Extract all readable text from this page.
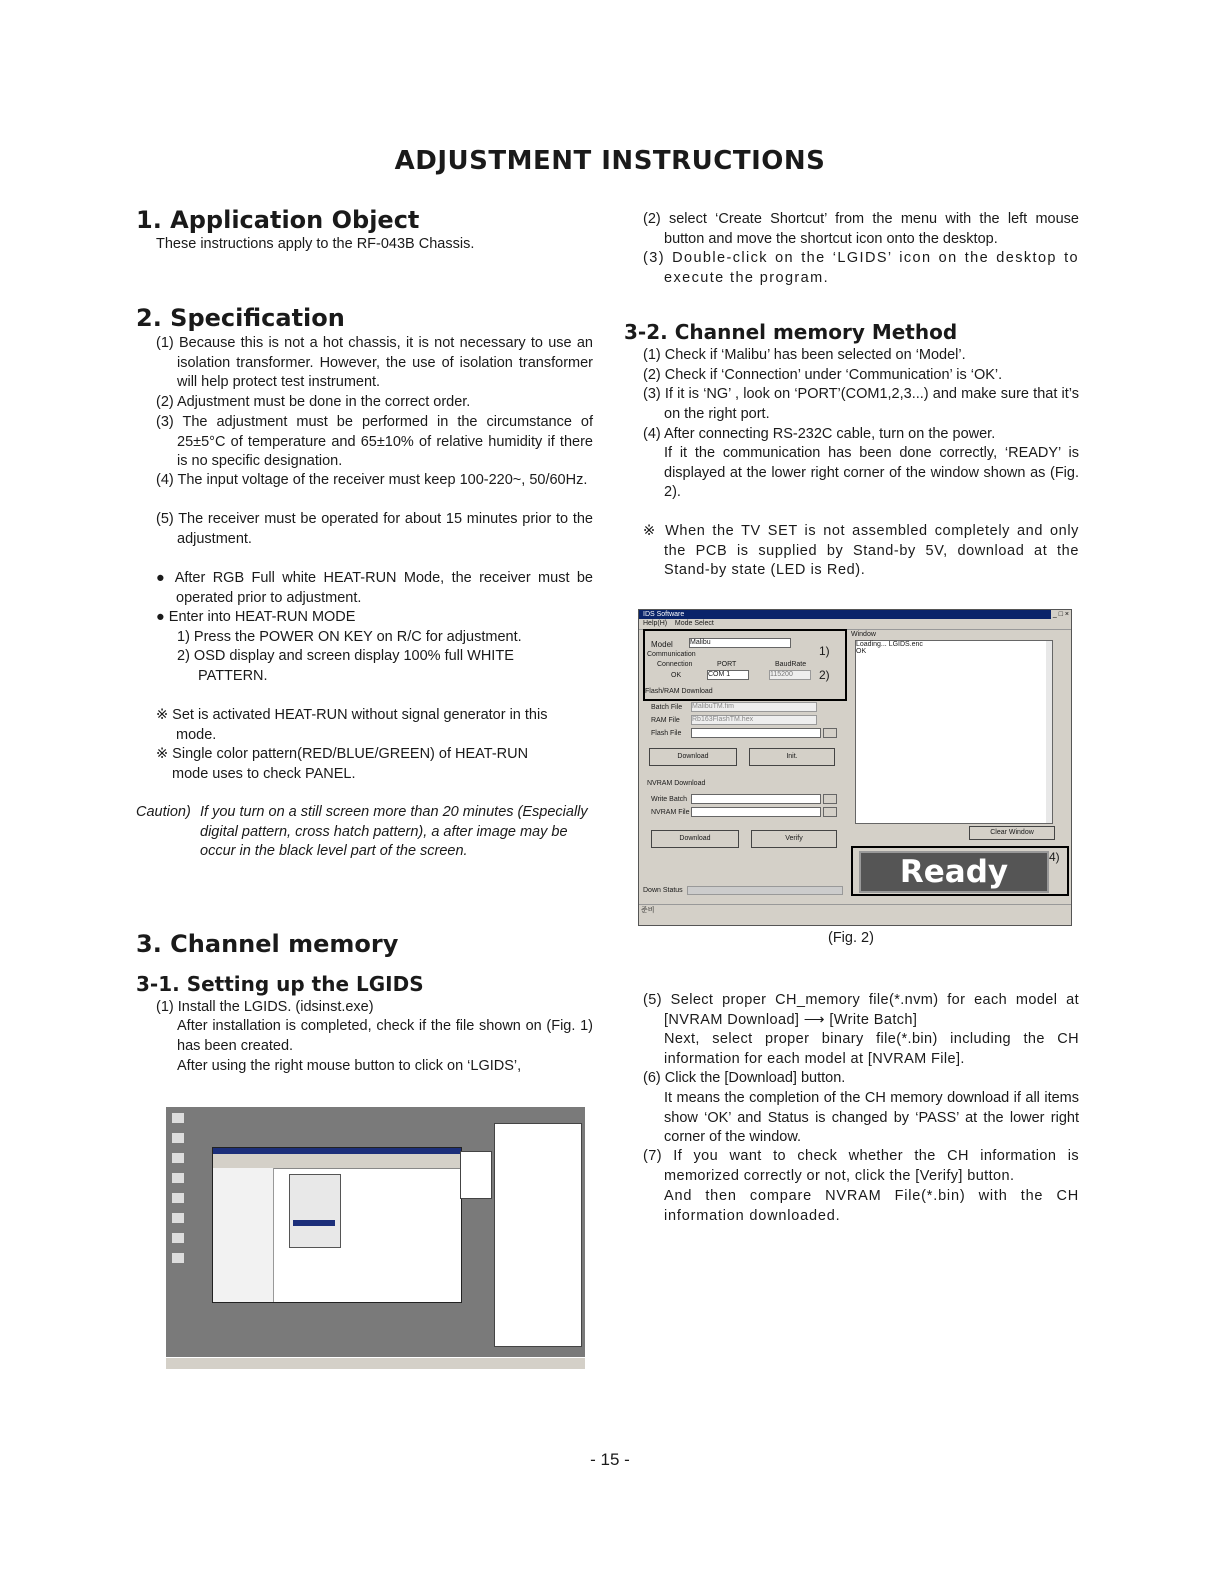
ADJUSTMENT INSTRUCTIONS
1. Application Object
These instructions apply to the RF-043B Chassis.
2. Specification
(1) Because this is not a hot chassis, it is not necessary to use an isolation transformer. However, the use of isolation transformer will help protect test instrument.
(2) Adjustment must be done in the correct order.
(3) The adjustment must be performed in the circumstance of 25±5°C of temperature and 65±10% of relative humidity if there is no specific designation.
(4) The input voltage of the receiver must keep 100-220~, 50/60Hz.
(5) The receiver must be operated for about 15 minutes prior to the adjustment.
● After RGB Full white HEAT-RUN Mode, the receiver must be operated prior to adjustment.
● Enter into HEAT-RUN MODE
1) Press the POWER ON KEY on R/C for adjustment.
2) OSD display and screen display 100% full WHITE PATTERN.
※ Set is activated HEAT-RUN without signal generator in this mode.
※ Single color pattern(RED/BLUE/GREEN) of HEAT-RUN mode uses to check PANEL.
Caution) If you turn on a still screen more than 20 minutes (Especially digital pattern, cross hatch pattern), a after image may be occur in the black level part of the screen.
3. Channel memory
3-1. Setting up the LGIDS
(1) Install the LGIDS. (idsinst.exe)
After installation is completed, check if the file shown on (Fig. 1) has been created.
After using the right mouse button to click on ‘LGIDS’,
(2) select ‘Create Shortcut’ from the menu with the left mouse button and move the shortcut icon onto the desktop.
(3) Double-click on the ‘LGIDS’ icon on the desktop to execute the program.
3-2. Channel memory Method
(1) Check if ‘Malibu’ has been selected on ‘Model’.
(2) Check if ‘Connection’ under ‘Communication’ is ‘OK’.
(3) If it is ‘NG’ , look on ‘PORT’(COM1,2,3...) and make sure that it’s on the right port.
(4) After connecting RS-232C cable, turn on the power.
If it the communication has been done correctly, ‘READY’ is displayed at the lower right corner of the window shown as (Fig. 2).
※ When the TV SET is not assembled completely and only the PCB is supplied by Stand-by 5V, download at the Stand-by state (LED is Red).
IDS Software	_ □ ×
Help(H) Mode Select
Model Malibu
Communication
Connection
OK
PORT
COM 1
BaudRate
115200
1)
2)
Flash/RAM Download
Batch File MalibuTM.fim
RAM File Rb163FlashTM.hex
Flash File
Download	Init.
NVRAM Download
Write Batch
NVRAM File
Download	Verify
Down Status
Window
Loading... LGIDS.enc
OK
Clear Window
Ready	4)
준비
(Fig. 2)
(5) Select proper CH_memory file(*.nvm) for each model at [NVRAM Download] ⟶ [Write Batch]
Next, select proper binary file(*.bin) including the CH information for each model at [NVRAM File].
(6) Click the [Download] button.
It means the completion of the CH memory download if all items show ‘OK’ and Status is changed by ‘PASS’ at the lower right corner of the window.
(7) If you want to check whether the CH information is memorized correctly or not, click the [Verify] button.
And then compare NVRAM File(*.bin) with the CH information downloaded.
- 15 -
